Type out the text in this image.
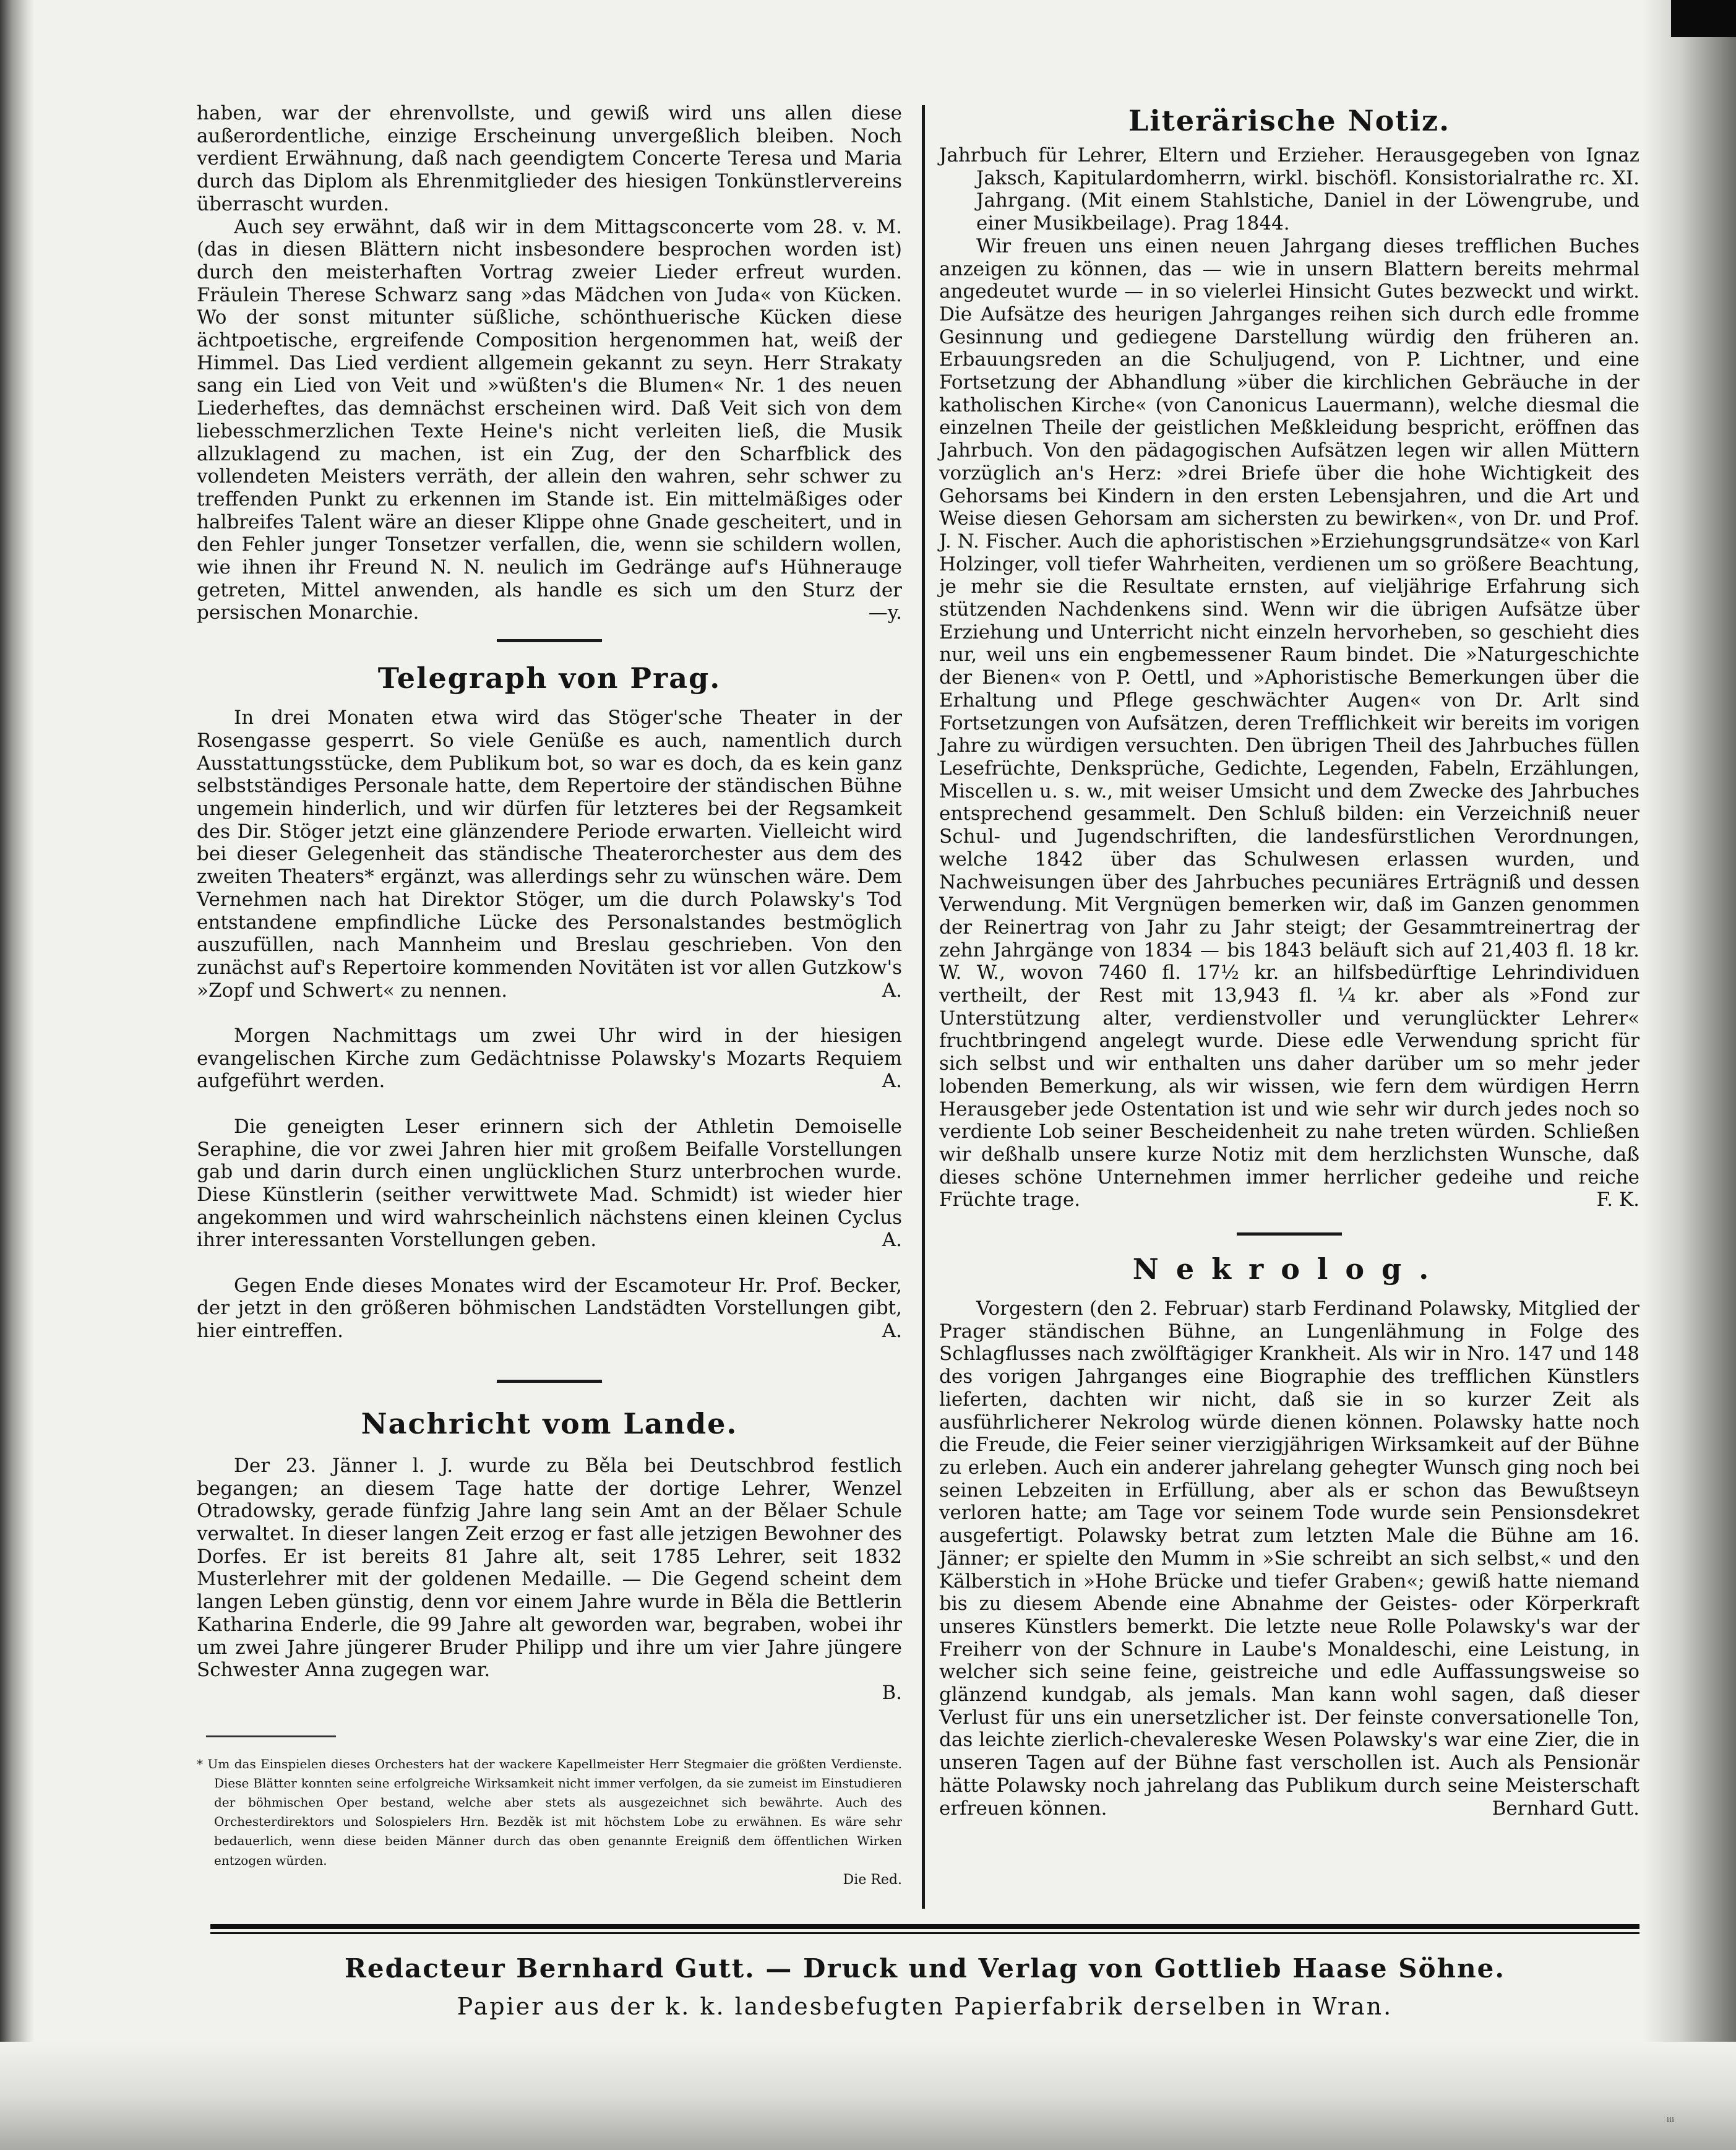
ᵢᵢᵢ

haben, war der ehrenvollste, und gewiß wird uns allen diese außerordentliche, einzige Erscheinung unvergeßlich bleiben. Noch verdient Erwähnung, daß nach geendigtem Concerte Teresa und Maria durch das Diplom als Ehrenmitglieder des hiesigen Tonkünstlervereins überrascht wurden.

Auch sey erwähnt, daß wir in dem Mittagsconcerte vom 28. v. M. (das in diesen Blättern nicht insbesondere besprochen worden ist) durch den meisterhaften Vortrag zweier Lieder erfreut wurden. Fräulein Therese Schwarz sang »das Mädchen von Juda« von Kücken. Wo der sonst mitunter süßliche, schönthuerische Kücken diese ächtpoetische, ergreifende Composition hergenommen hat, weiß der Himmel. Das Lied verdient allgemein gekannt zu seyn. Herr Strakaty sang ein Lied von Veit und »wüßten's die Blumen« Nr. 1 des neuen Liederheftes, das demnächst erscheinen wird. Daß Veit sich von dem liebesschmerzlichen Texte Heine's nicht verleiten ließ, die Musik allzuklagend zu machen, ist ein Zug, der den Scharfblick des vollendeten Meisters verräth, der allein den wahren, sehr schwer zu treffenden Punkt zu erkennen im Stande ist. Ein mittelmäßiges oder halbreifes Talent wäre an dieser Klippe ohne Gnade gescheitert, und in den Fehler junger Tonsetzer verfallen, die, wenn sie schildern wollen, wie ihnen ihr Freund N. N. neulich im Gedränge auf's Hühnerauge getreten, Mittel anwenden, als handle es sich um den Sturz der persischen Monarchie.	—y.
Telegraph von Prag.

In drei Monaten etwa wird das Stöger'sche Theater in der Rosengasse gesperrt. So viele Genüße es auch, namentlich durch Ausstattungsstücke, dem Publikum bot, so war es doch, da es kein ganz selbstständiges Personale hatte, dem Repertoire der ständischen Bühne ungemein hinderlich, und wir dürfen für letzteres bei der Regsamkeit des Dir. Stöger jetzt eine glänzendere Periode erwarten. Vielleicht wird bei dieser Gelegenheit das ständische Theaterorchester aus dem des zweiten Theaters* ergänzt, was allerdings sehr zu wünschen wäre. Dem Vernehmen nach hat Direktor Stöger, um die durch Polawsky's Tod entstandene empfindliche Lücke des Personalstandes bestmöglich auszufüllen, nach Mannheim und Breslau geschrieben. Von den zunächst auf's Repertoire kommenden Novitäten ist vor allen Gutzkow's »Zopf und Schwert« zu nennen.	A.

Morgen Nachmittags um zwei Uhr wird in der hiesigen evangelischen Kirche zum Gedächtnisse Polawsky's Mozarts Requiem aufgeführt werden.	A.

Die geneigten Leser erinnern sich der Athletin Demoiselle Seraphine, die vor zwei Jahren hier mit großem Beifalle Vorstellungen gab und darin durch einen unglücklichen Sturz unterbrochen wurde. Diese Künstlerin (seither verwittwete Mad. Schmidt) ist wieder hier angekommen und wird wahrscheinlich nächstens einen kleinen Cyclus ihrer interessanten Vorstellungen geben.	A.

Gegen Ende dieses Monates wird der Escamoteur Hr. Prof. Becker, der jetzt in den größeren böhmischen Landstädten Vorstellungen gibt, hier eintreffen.	A.
Nachricht vom Lande.

Der 23. Jänner l. J. wurde zu Běla bei Deutschbrod festlich begangen; an diesem Tage hatte der dortige Lehrer, Wenzel Otradowsky, gerade fünfzig Jahre lang sein Amt an der Bělaer Schule verwaltet. In dieser langen Zeit erzog er fast alle jetzigen Bewohner des Dorfes. Er ist bereits 81 Jahre alt, seit 1785 Lehrer, seit 1832 Musterlehrer mit der goldenen Medaille. — Die Gegend scheint dem langen Leben günstig, denn vor einem Jahre wurde in Běla die Bettlerin Katharina Enderle, die 99 Jahre alt geworden war, begraben, wobei ihr um zwei Jahre jüngerer Bruder Philipp und ihre um vier Jahre jüngere Schwester Anna zugegen war.

B.

* Um das Einspielen dieses Orchesters hat der wackere Kapellmeister Herr Stegmaier die größten Verdienste. Diese Blätter konnten seine erfolgreiche Wirksamkeit nicht immer verfolgen, da sie zumeist im Einstudieren der böhmischen Oper bestand, welche aber stets als ausgezeichnet sich bewährte. Auch des Orchesterdirektors und Solospielers Hrn. Bezděk ist mit höchstem Lobe zu erwähnen. Es wäre sehr bedauerlich, wenn diese beiden Männer durch das oben genannte Ereigniß dem öffentlichen Wirken entzogen würden.

Die Red.

Literärische Notiz.

Jahrbuch für Lehrer, Eltern und Erzieher. Herausgegeben von Ignaz Jaksch, Kapitulardomherrn, wirkl. bischöfl. Konsistorialrathe rc. XI. Jahrgang. (Mit einem Stahlstiche, Daniel in der Löwengrube, und einer Musikbeilage). Prag 1844.

Wir freuen uns einen neuen Jahrgang dieses trefflichen Buches anzeigen zu können, das — wie in unsern Blattern bereits mehrmal angedeutet wurde — in so vielerlei Hinsicht Gutes bezweckt und wirkt. Die Aufsätze des heurigen Jahrganges reihen sich durch edle fromme Gesinnung und gediegene Darstellung würdig den früheren an. Erbauungsreden an die Schuljugend, von P. Lichtner, und eine Fortsetzung der Abhandlung »über die kirchlichen Gebräuche in der katholischen Kirche« (von Canonicus Lauermann), welche diesmal die einzelnen Theile der geistlichen Meßkleidung bespricht, eröffnen das Jahrbuch. Von den pädagogischen Aufsätzen legen wir allen Müttern vorzüglich an's Herz: »drei Briefe über die hohe Wichtigkeit des Gehorsams bei Kindern in den ersten Lebensjahren, und die Art und Weise diesen Gehorsam am sichersten zu bewirken«, von Dr. und Prof. J. N. Fischer. Auch die aphoristischen »Erziehungsgrundsätze« von Karl Holzinger, voll tiefer Wahrheiten, verdienen um so größere Beachtung, je mehr sie die Resultate ernsten, auf vieljährige Erfahrung sich stützenden Nachdenkens sind. Wenn wir die übrigen Aufsätze über Erziehung und Unterricht nicht einzeln hervorheben, so geschieht dies nur, weil uns ein engbemessener Raum bindet. Die »Naturgeschichte der Bienen« von P. Oettl, und »Aphoristische Bemerkungen über die Erhaltung und Pflege geschwächter Augen« von Dr. Arlt sind Fortsetzungen von Aufsätzen, deren Trefflichkeit wir bereits im vorigen Jahre zu würdigen versuchten. Den übrigen Theil des Jahrbuches füllen Lesefrüchte, Denksprüche, Gedichte, Legenden, Fabeln, Erzählungen, Miscellen u. s. w., mit weiser Umsicht und dem Zwecke des Jahrbuches entsprechend gesammelt. Den Schluß bilden: ein Verzeichniß neuer Schul- und Jugendschriften, die landesfürstlichen Verordnungen, welche 1842 über das Schulwesen erlassen wurden, und Nachweisungen über des Jahrbuches pecuniäres Erträgniß und dessen Verwendung. Mit Vergnügen bemerken wir, daß im Ganzen genommen der Reinertrag von Jahr zu Jahr steigt; der Gesammtreinertrag der zehn Jahrgänge von 1834 — bis 1843 beläuft sich auf 21,403 fl. 18 kr. W. W., wovon 7460 fl. 17½ kr. an hilfsbedürftige Lehrindividuen vertheilt, der Rest mit 13,943 fl. ¼ kr. aber als »Fond zur Unterstützung alter, verdienstvoller und verunglückter Lehrer« fruchtbringend angelegt wurde. Diese edle Verwendung spricht für sich selbst und wir enthalten uns daher darüber um so mehr jeder lobenden Bemerkung, als wir wissen, wie fern dem würdigen Herrn Herausgeber jede Ostentation ist und wie sehr wir durch jedes noch so verdiente Lob seiner Bescheidenheit zu nahe treten würden. Schließen wir deßhalb unsere kurze Notiz mit dem herzlichsten Wunsche, daß dieses schöne Unternehmen immer herrlicher gedeihe und reiche Früchte trage.	F. K.
Nekrolog.

Vorgestern (den 2. Februar) starb Ferdinand Polawsky, Mitglied der Prager ständischen Bühne, an Lungenlähmung in Folge des Schlagflusses nach zwölftägiger Krankheit. Als wir in Nro. 147 und 148 des vorigen Jahrganges eine Biographie des trefflichen Künstlers lieferten, dachten wir nicht, daß sie in so kurzer Zeit als ausführlicherer Nekrolog würde dienen können. Polawsky hatte noch die Freude, die Feier seiner vierzigjährigen Wirksamkeit auf der Bühne zu erleben. Auch ein anderer jahrelang gehegter Wunsch ging noch bei seinen Lebzeiten in Erfüllung, aber als er schon das Bewußtseyn verloren hatte; am Tage vor seinem Tode wurde sein Pensionsdekret ausgefertigt. Polawsky betrat zum letzten Male die Bühne am 16. Jänner; er spielte den Mumm in »Sie schreibt an sich selbst,« und den Kälberstich in »Hohe Brücke und tiefer Graben«; gewiß hatte niemand bis zu diesem Abende eine Abnahme der Geistes- oder Körperkraft unseres Künstlers bemerkt. Die letzte neue Rolle Polawsky's war der Freiherr von der Schnure in Laube's Monaldeschi, eine Leistung, in welcher sich seine feine, geistreiche und edle Auffassungsweise so glänzend kundgab, als jemals. Man kann wohl sagen, daß dieser Verlust für uns ein unersetzlicher ist. Der feinste conversationelle Ton, das leichte zierlich-chevalereske Wesen Polawsky's war eine Zier, die in unseren Tagen auf der Bühne fast verschollen ist. Auch als Pensionär hätte Polawsky noch jahrelang das Publikum durch seine Meisterschaft erfreuen können.	Bernhard Gutt.
Redacteur Bernhard Gutt. — Druck und Verlag von Gottlieb Haase Söhne.
Papier aus der k. k. landesbefugten Papierfabrik derselben in Wran.
